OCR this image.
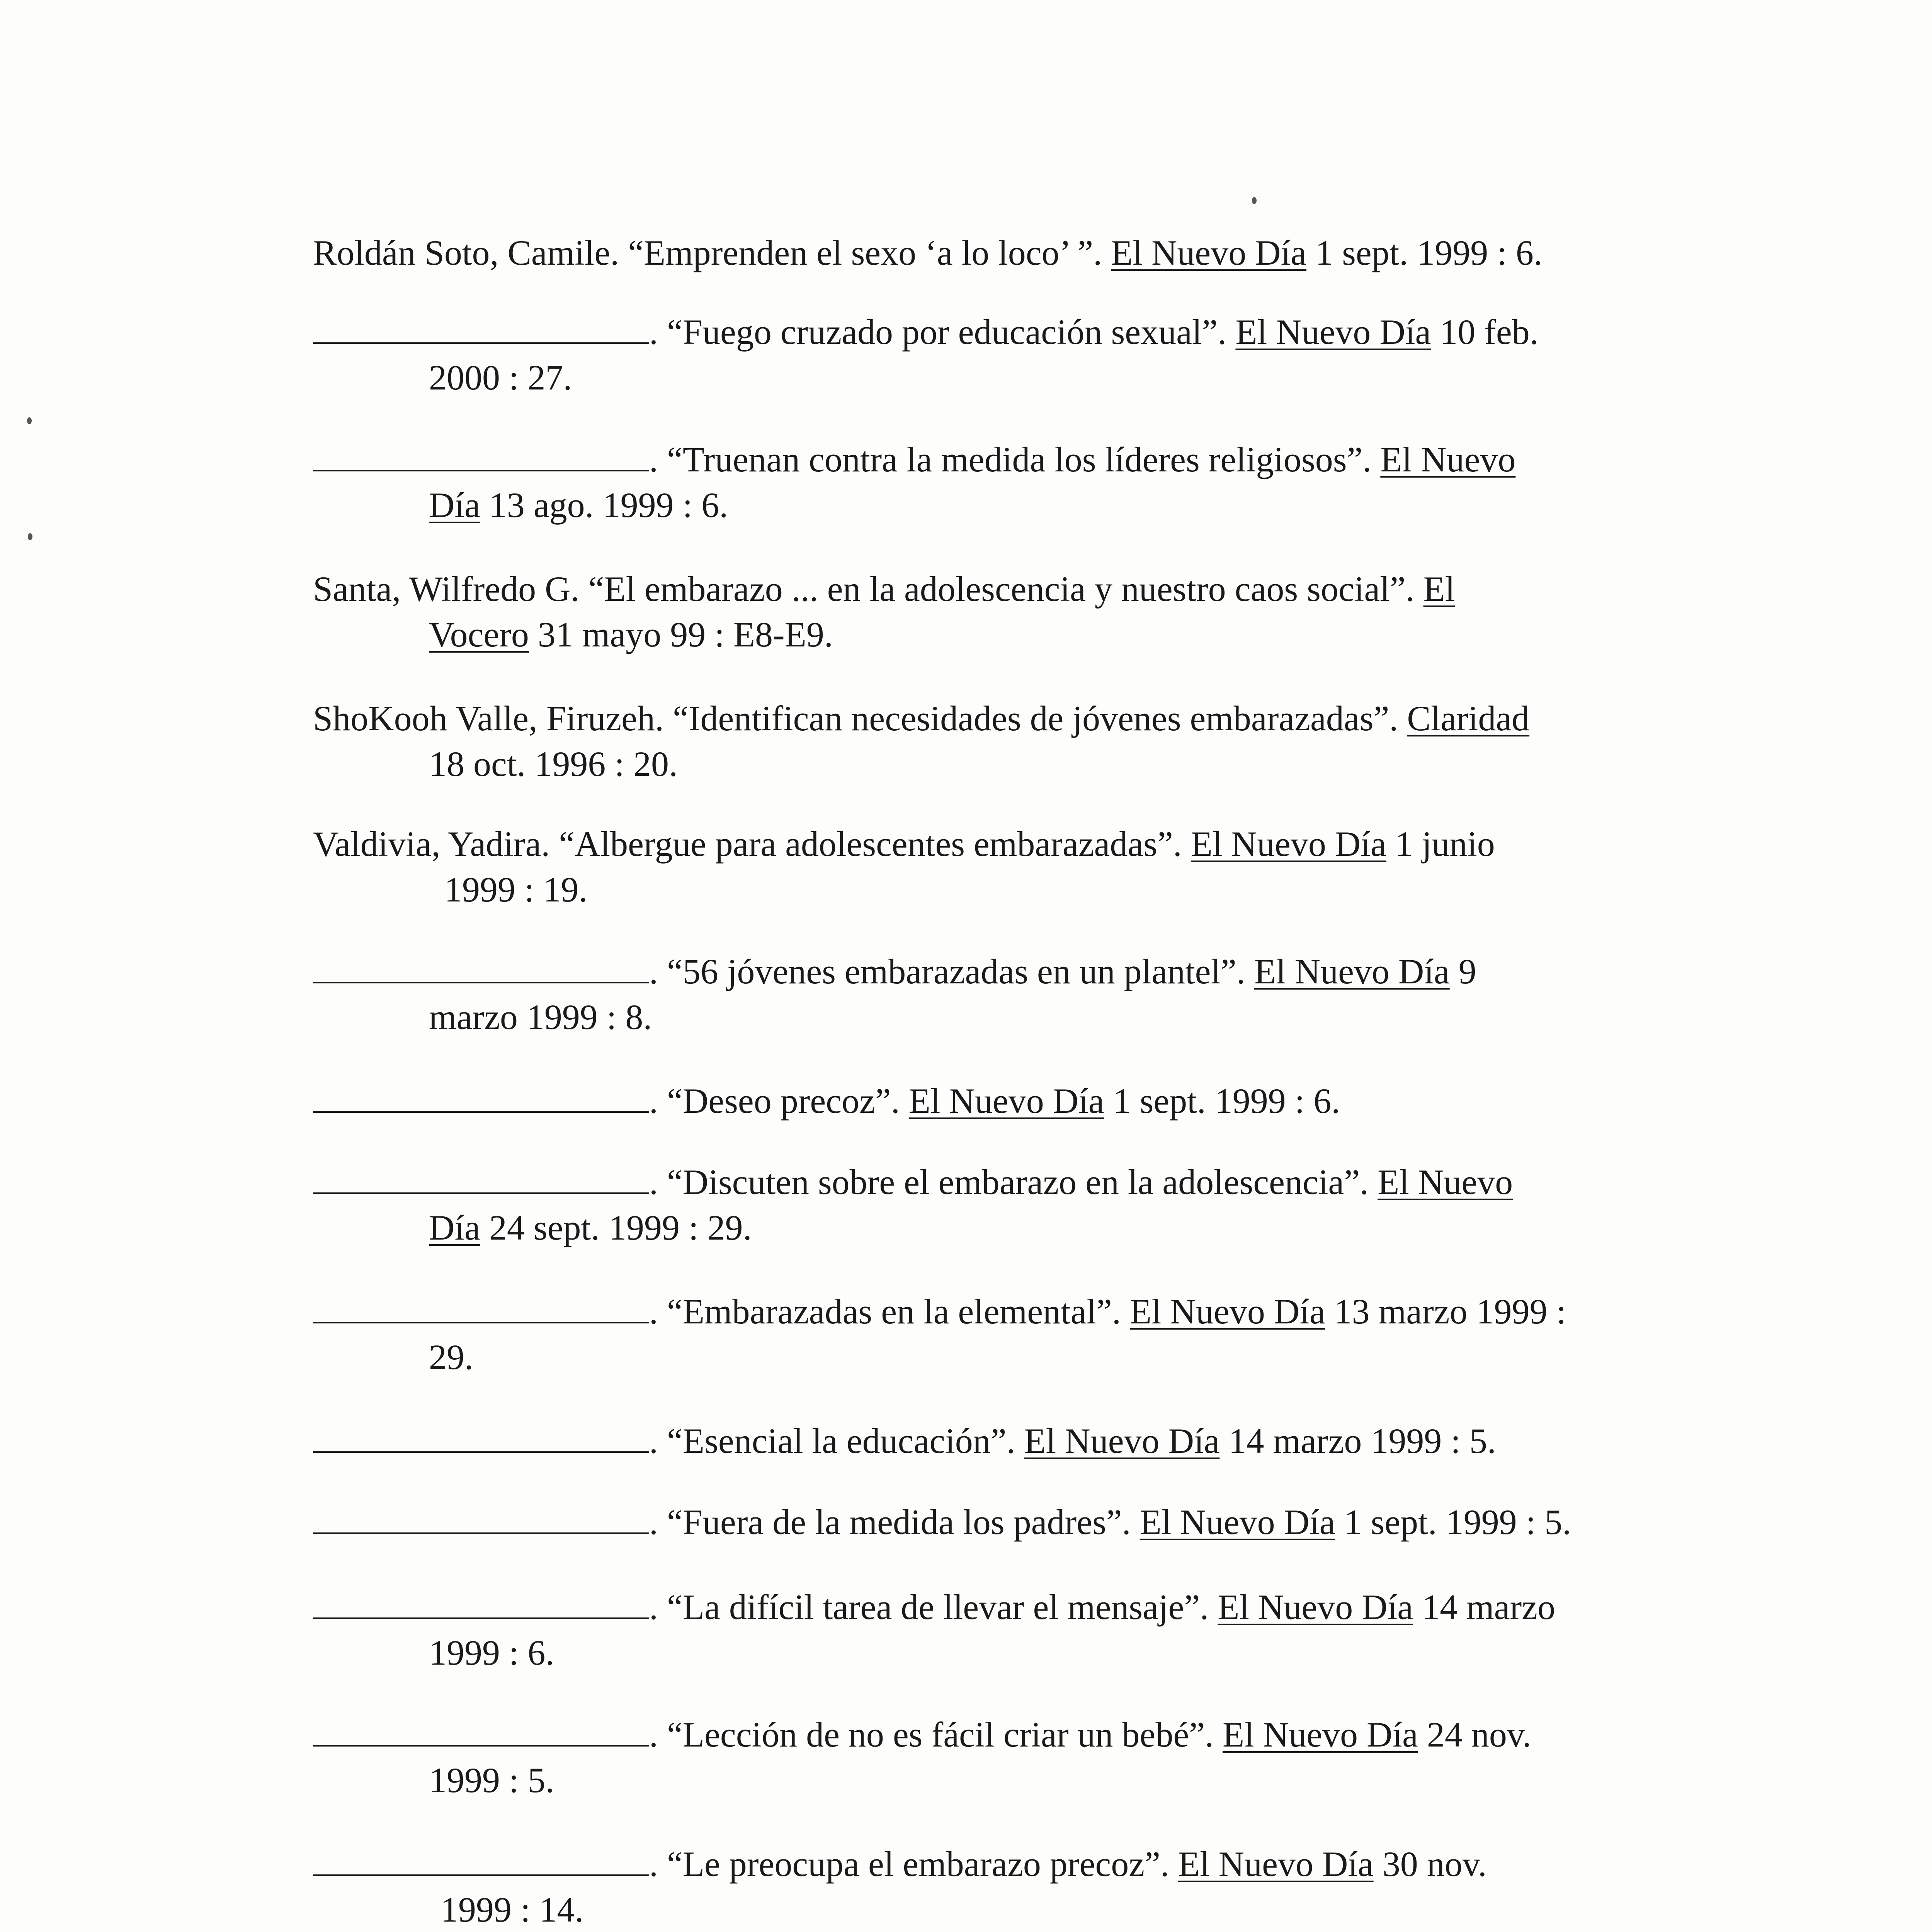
Roldán Soto, Camile. “Emprenden el sexo ‘a lo loco’ ”. El Nuevo Día 1 sept. 1999 : 6.
. “Fuego cruzado por educación sexual”. El Nuevo Día 10 feb.
2000 : 27.
. “Truenan contra la medida los líderes religiosos”. El Nuevo
Día 13 ago. 1999 : 6.
Santa, Wilfredo G. “El embarazo ... en la adolescencia y nuestro caos social”. El
Vocero 31 mayo 99 : E8-E9.
ShoKooh Valle, Firuzeh. “Identifican necesidades de jóvenes embarazadas”. Claridad
18 oct. 1996 : 20.
Valdivia, Yadira. “Albergue para adolescentes embarazadas”. El Nuevo Día 1 junio
1999 : 19.
. “56 jóvenes embarazadas en un plantel”. El Nuevo Día 9
marzo 1999 : 8.
. “Deseo precoz”. El Nuevo Día 1 sept. 1999 : 6.
. “Discuten sobre el embarazo en la adolescencia”. El Nuevo
Día 24 sept. 1999 : 29.
. “Embarazadas en la elemental”. El Nuevo Día 13 marzo 1999 :
29.
. “Esencial la educación”. El Nuevo Día 14 marzo 1999 : 5.
. “Fuera de la medida los padres”. El Nuevo Día 1 sept. 1999 : 5.
. “La difícil tarea de llevar el mensaje”. El Nuevo Día 14 marzo
1999 : 6.
. “Lección de no es fácil criar un bebé”. El Nuevo Día 24 nov.
1999 : 5.
. “Le preocupa el embarazo precoz”. El Nuevo Día 30 nov.
1999 : 14.
